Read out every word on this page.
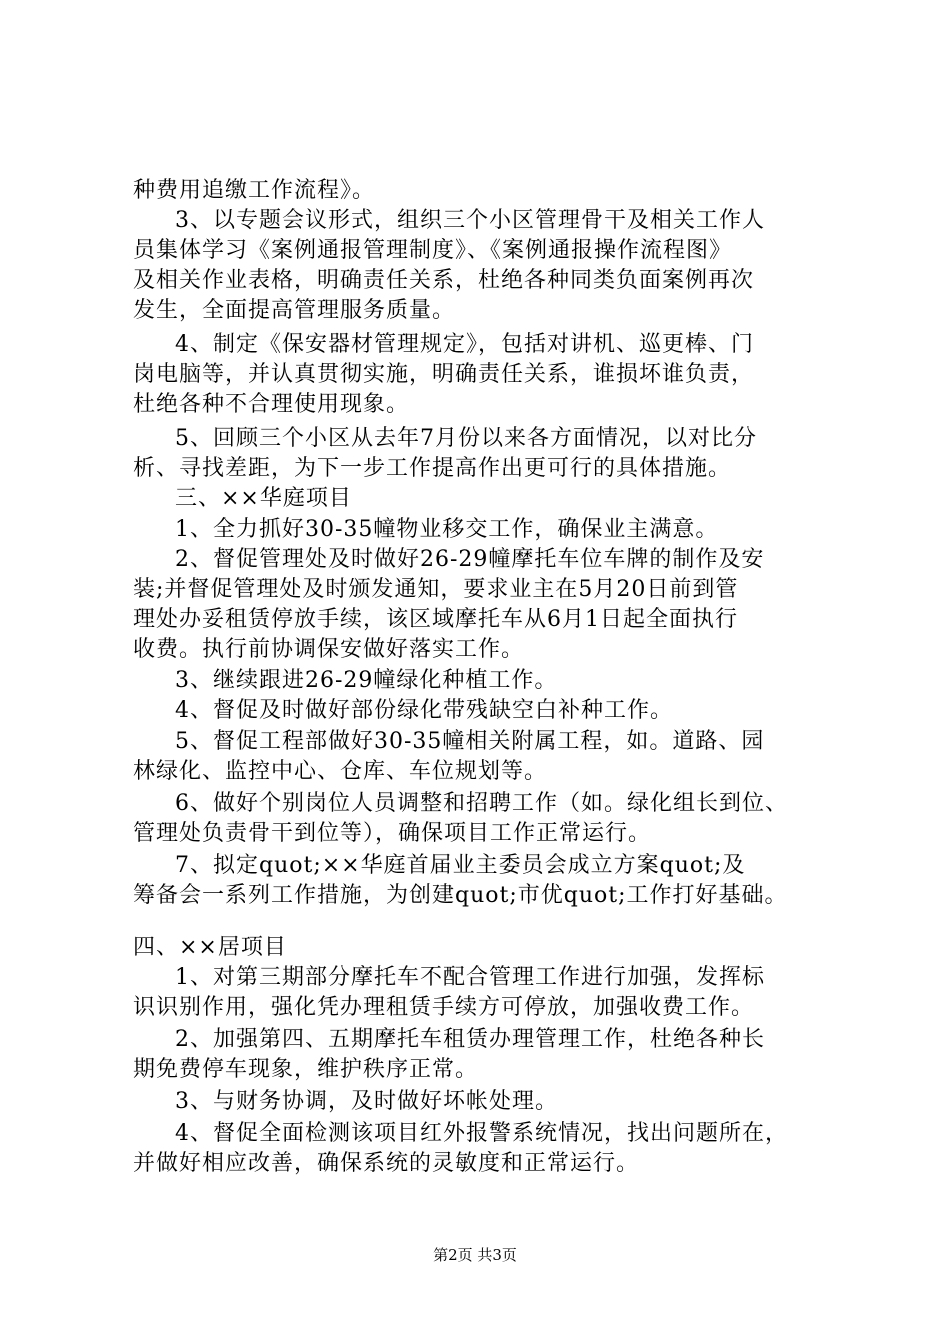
种费用追缴工作流程》。
3、以专题会议形式，组织三个小区管理骨干及相关工作人
员集体学习《案例通报管理制度》、《案例通报操作流程图》
及相关作业表格，明确责任关系，杜绝各种同类负面案例再次
发生，全面提高管理服务质量。
4、制定《保安器材管理规定》，包括对讲机、巡更棒、门
岗电脑等，并认真贯彻实施，明确责任关系，谁损坏谁负责，
杜绝各种不合理使用现象。
5、回顾三个小区从去年7月份以来各方面情况，以对比分
析、寻找差距，为下一步工作提高作出更可行的具体措施。
三、××华庭项目
1、全力抓好30-35幢物业移交工作，确保业主满意。
2、督促管理处及时做好26-29幢摩托车位车牌的制作及安
装;并督促管理处及时颁发通知，要求业主在5月20日前到管
理处办妥租赁停放手续，该区域摩托车从6月1日起全面执行
收费。执行前协调保安做好落实工作。
3、继续跟进26-29幢绿化种植工作。
4、督促及时做好部份绿化带残缺空白补种工作。
5、督促工程部做好30-35幢相关附属工程，如。道路、园
林绿化、监控中心、仓库、车位规划等。
6、做好个别岗位人员调整和招聘工作（如。绿化组长到位、
管理处负责骨干到位等），确保项目工作正常运行。
7、拟定quot;××华庭首届业主委员会成立方案quot;及
筹备会一系列工作措施，为创建quot;市优quot;工作打好基础。
四、××居项目
1、对第三期部分摩托车不配合管理工作进行加强，发挥标
识识别作用，强化凭办理租赁手续方可停放，加强收费工作。
2、加强第四、五期摩托车租赁办理管理工作，杜绝各种长
期免费停车现象，维护秩序正常。
3、与财务协调，及时做好坏帐处理。
4、督促全面检测该项目红外报警系统情况，找出问题所在，
并做好相应改善，确保系统的灵敏度和正常运行。
第2页 共3页
